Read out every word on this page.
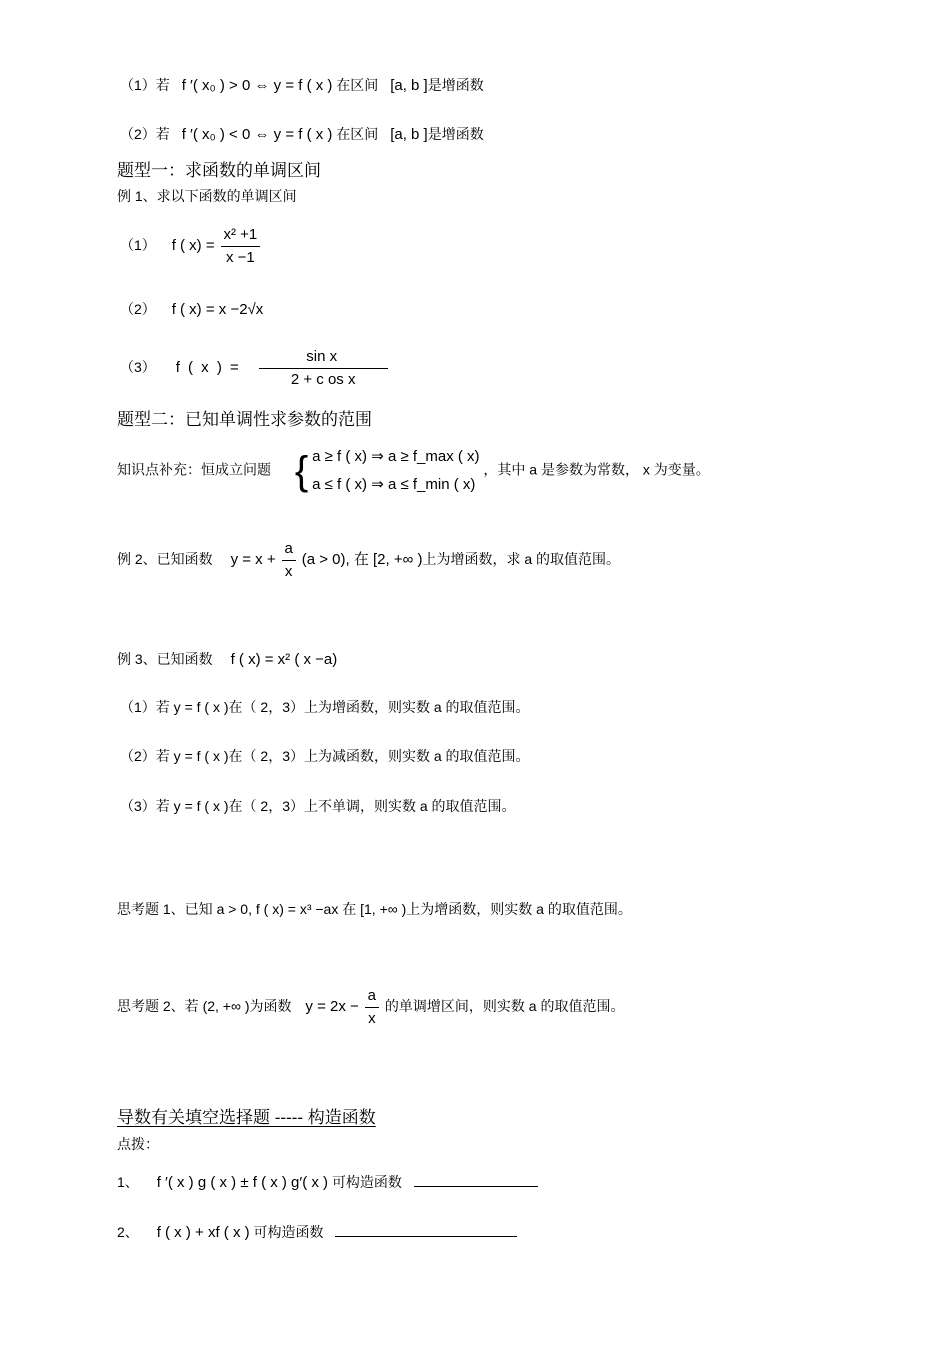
（1）若 f ′( x₀ ) > 0 ⇔ y = f ( x ) 在区间 [a, b ]是增函数
（2）若 f ′( x₀ ) < 0 ⇔ y = f ( x ) 在区间 [a, b ]是增函数
题型一：求函数的单调区间
例 1、求以下函数的单调区间
（1） f ( $x) = \frac{\text{x² +1}}{x -1}$
（2） f ( x) = x −2√x
（3） f ( x ) = $\frac{\text{sin x}}{\text{2 + c os x}}$
题型二：已知单调性求参数的范围
知识点补充：恒成立问题 { a ≥ f ( x) ⇒ a ≥ f_max ( x)
a ≤ f ( x) ⇒ a ≤ f_min ( x)
，其中 a 是参数为常数， x 为变量。
例 2、已知函数 $y = x + \frac{a}{x} (a > 0)$, 在 [2, +∞ )上为增函数，求 a 的取值范围。
例 3、已知函数 f ( x) = x² ( x −a)
（1）若 y = f ( x )在（ 2，3）上为增函数，则实数 a 的取值范围。
（2）若 y = f ( x )在（ 2，3）上为减函数，则实数 a 的取值范围。
（3）若 y = f ( x )在（ 2，3）上不单调，则实数 a 的取值范围。
思考题 1、已知 a > 0, f ( x) = x³ −ax 在 [1, +∞ )上为增函数，则实数 a 的取值范围。
思考题 2、若 (2, +∞ )为函数 $y = 2x - \frac{a}{x}$ 的单调增区间，则实数 a 的取值范围。
导数有关填空选择题 ----- 构造函数
点拨：
1、 f ′( x ) g ( x ) ± f ( x ) g′( x ) 可构造函数
2、 f ( x ) + xf ( x ) 可构造函数
